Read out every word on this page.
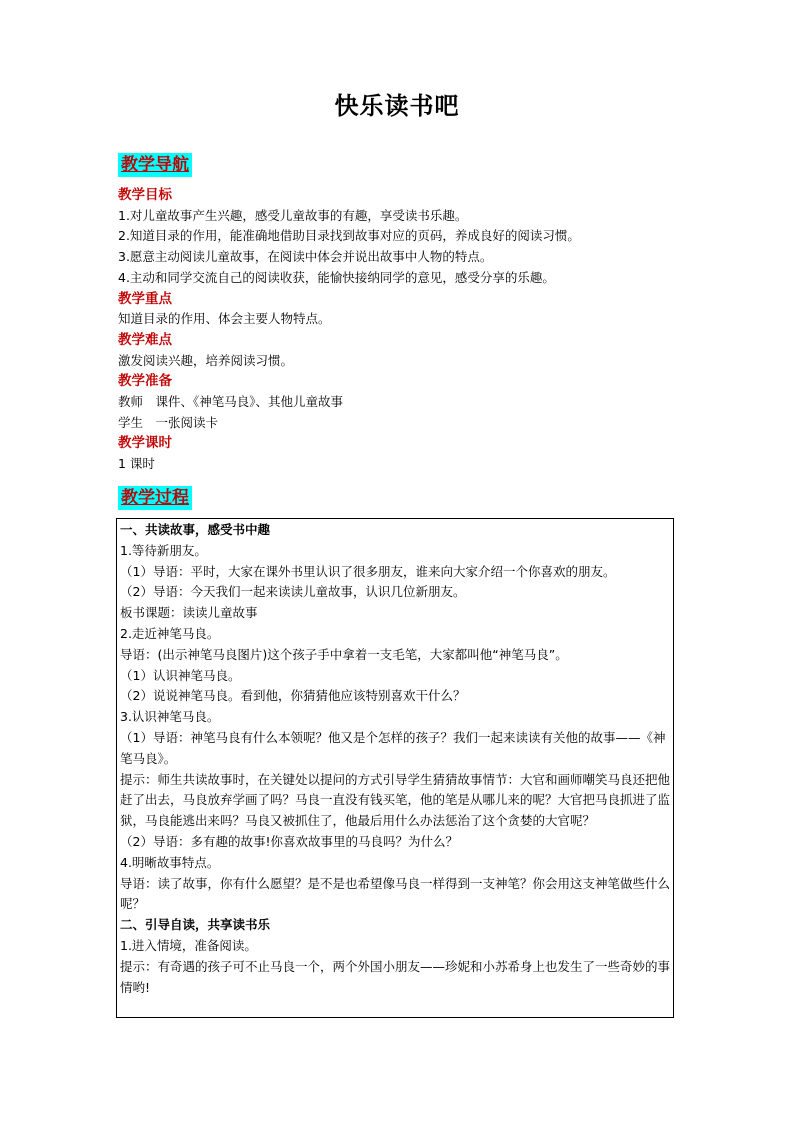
快乐读书吧
教学导航
教学目标
1.对儿童故事产生兴趣，感受儿童故事的有趣，享受读书乐趣。
2.知道目录的作用，能准确地借助目录找到故事对应的页码，养成良好的阅读习惯。
3.愿意主动阅读儿童故事，在阅读中体会并说出故事中人物的特点。
4.主动和同学交流自己的阅读收获，能愉快接纳同学的意见，感受分享的乐趣。
教学重点
知道目录的作用、体会主要人物特点。
教学难点
激发阅读兴趣，培养阅读习惯。
教学准备
教师　课件、《神笔马良》、其他儿童故事
学生　一张阅读卡
教学课时
1 课时
教学过程
一、共读故事，感受书中趣
1.等待新朋友。
（1）导语：平时，大家在课外书里认识了很多朋友，谁来向大家介绍一个你喜欢的朋友。
（2）导语：今天我们一起来读读儿童故事，认识几位新朋友。
板书课题：读读儿童故事
2.走近神笔马良。
导语：(出示神笔马良图片)这个孩子手中拿着一支毛笔，大家都叫他“神笔马良”。
（1）认识神笔马良。
（2）说说神笔马良。看到他，你猜猜他应该特别喜欢干什么？
3.认识神笔马良。
（1）导语：神笔马良有什么本领呢？他又是个怎样的孩子？我们一起来读读有关他的故事——《神笔马良》。
提示：师生共读故事时，在关键处以提问的方式引导学生猜猜故事情节：大官和画师嘲笑马良还把他赶了出去，马良放弃学画了吗？马良一直没有钱买笔，他的笔是从哪儿来的呢？大官把马良抓进了监狱，马良能逃出来吗？马良又被抓住了，他最后用什么办法惩治了这个贪婪的大官呢？
（2）导语：多有趣的故事!你喜欢故事里的马良吗？为什么？
4.明晰故事特点。
导语：读了故事，你有什么愿望？是不是也希望像马良一样得到一支神笔？你会用这支神笔做些什么呢？
二、引导自读，共享读书乐
1.进入情境，准备阅读。
提示：有奇遇的孩子可不止马良一个，两个外国小朋友——珍妮和小苏希身上也发生了一些奇妙的事情哟!
